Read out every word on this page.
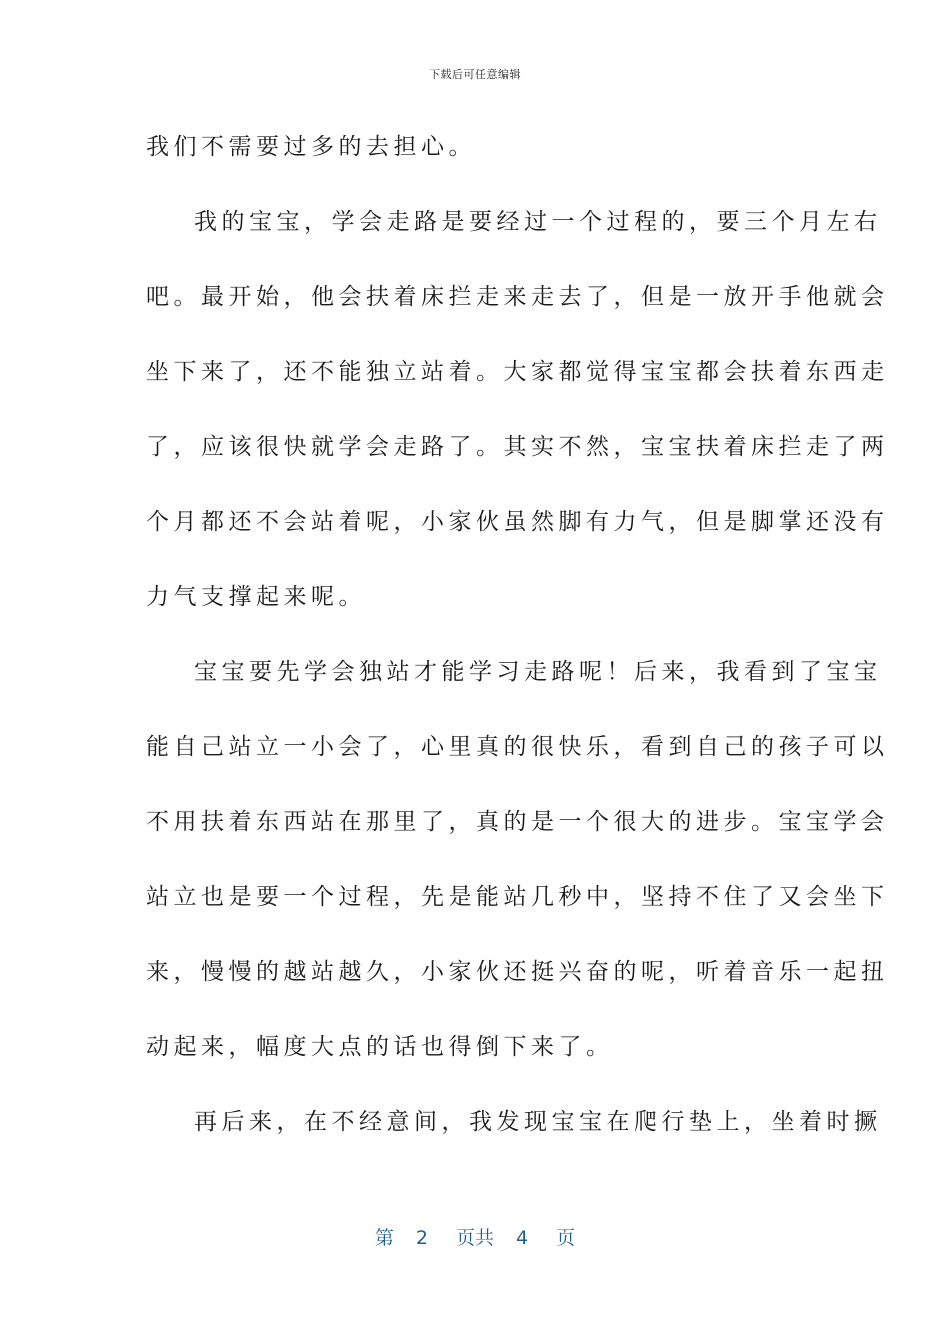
下载后可任意编辑
我们不需要过多的去担心。
我的宝宝，学会走路是要经过一个过程的，要三个月左右
吧。最开始，他会扶着床拦走来走去了，但是一放开手他就会
坐下来了，还不能独立站着。大家都觉得宝宝都会扶着东西走
了，应该很快就学会走路了。其实不然，宝宝扶着床拦走了两
个月都还不会站着呢，小家伙虽然脚有力气，但是脚掌还没有
力气支撑起来呢。
宝宝要先学会独站才能学习走路呢！后来，我看到了宝宝
能自己站立一小会了，心里真的很快乐，看到自己的孩子可以
不用扶着东西站在那里了，真的是一个很大的进步。宝宝学会
站立也是要一个过程，先是能站几秒中，坚持不住了又会坐下
来，慢慢的越站越久，小家伙还挺兴奋的呢，听着音乐一起扭
动起来，幅度大点的话也得倒下来了。
再后来，在不经意间，我发现宝宝在爬行垫上，坐着时撅
第 2 页共 4 页
